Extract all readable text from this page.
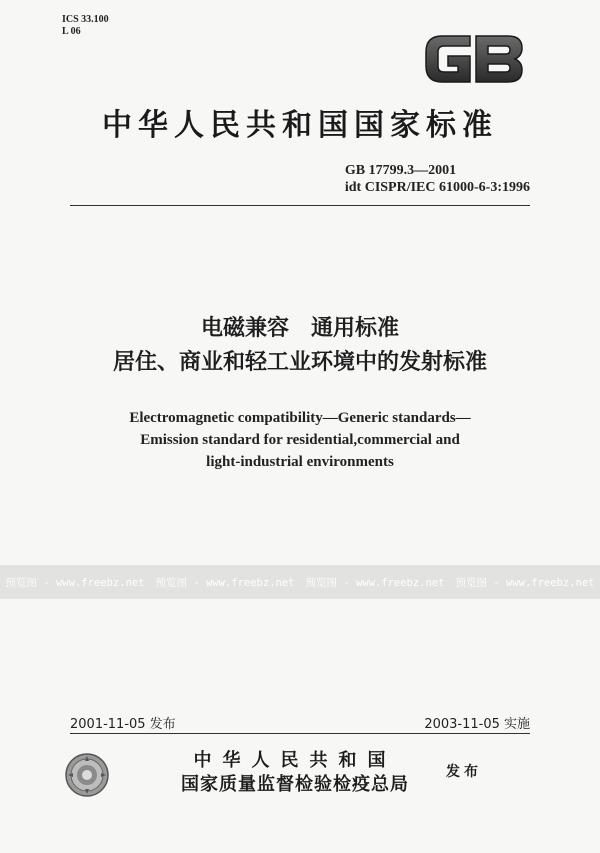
ICS 33.100
L 06
中华人民共和国国家标准
GB 17799.3—2001
idt CISPR/IEC 61000-6-3:1996
电磁兼容　通用标准
居住、商业和轻工业环境中的发射标准
Electromagnetic compatibility—Generic standards—
Emission standard for residential,commercial and
light-industrial environments
预览图 - www.freebz.net 预览图 - www.freebz.net 预览图 - www.freebz.net 预览图 - www.freebz.net
2001-11-05 发布	2003-11-05 实施
中华人民共和国
国家质量监督检验检疫总局
发布
